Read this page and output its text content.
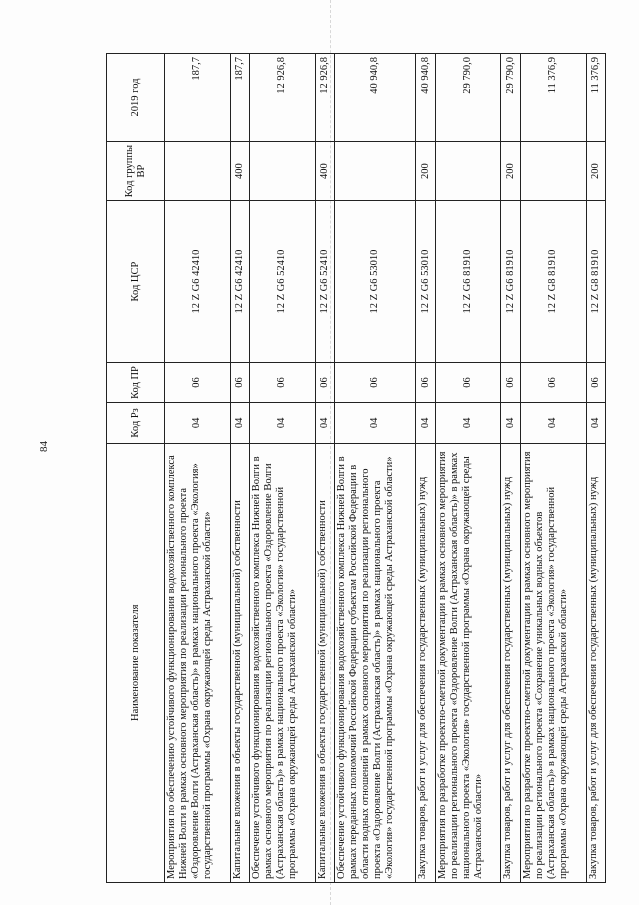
84
Наименование показателя	Код Рз	Код ПР	Код ЦСР	Код группы ВР	2019 год
Мероприятия по обеспечению устойчивого функционирования водохозяйственного комплекса Нижней Волги в рамках основного мероприятия по реализации регионального проекта «Оздоровление Волги (Астраханская область)» в рамках национального проекта «Экология» государственной программы «Охрана окружающей среды Астраханской области»	04	06	12 Z G6 42410		187,7
Капитальные вложения в объекты государственной (муниципальной) собственности	04	06	12 Z G6 42410	400	187,7
Обеспечение устойчивого функционирования водохозяйственного комплекса Нижней Волги в рамках основного мероприятия по реализации регионального проекта «Оздоровление Волги (Астраханская область)» в рамках национального проекта «Экология» государственной программы «Охрана окружающей среды Астраханской области»	04	06	12 Z G6 52410		12 926,8
Капитальные вложения в объекты государственной (муниципальной) собственности	04	06	12 Z G6 52410	400	12 926,8
Обеспечение устойчивого функционирования водохозяйственного комплекса Нижней Волги в рамках переданных полномочий Российской Федерации субъектам Российской Федерации в области водных отношений в рамках основного мероприятия по реализации регионального проекта «Оздоровление Волги (Астраханская область)» в рамках национального проекта «Экология» государственной программы «Охрана окружающей среды Астраханской области»	04	06	12 Z G6 53010		40 940,8
Закупка товаров, работ и услуг для обеспечения государственных (муниципальных) нужд	04	06	12 Z G6 53010	200	40 940,8
Мероприятия по разработке проектно-сметной документации в рамках основного мероприятия по реализации регионального проекта «Оздоровление Волги (Астраханская область)» в рамках национального проекта «Экология» государственной программы «Охрана окружающей среды Астраханской области»	04	06	12 Z G6 81910		29 790,0
Закупка товаров, работ и услуг для обеспечения государственных (муниципальных) нужд	04	06	12 Z G6 81910	200	29 790,0
Мероприятия по разработке проектно-сметной документации в рамках основного мероприятия по реализации регионального проекта «Сохранение уникальных водных объектов (Астраханская область)» в рамках национального проекта «Экология» государственной программы «Охрана окружающей среды Астраханской области»	04	06	12 Z G8 81910		11 376,9
Закупка товаров, работ и услуг для обеспечения государственных (муниципальных) нужд	04	06	12 Z G8 81910	200	11 376,9
